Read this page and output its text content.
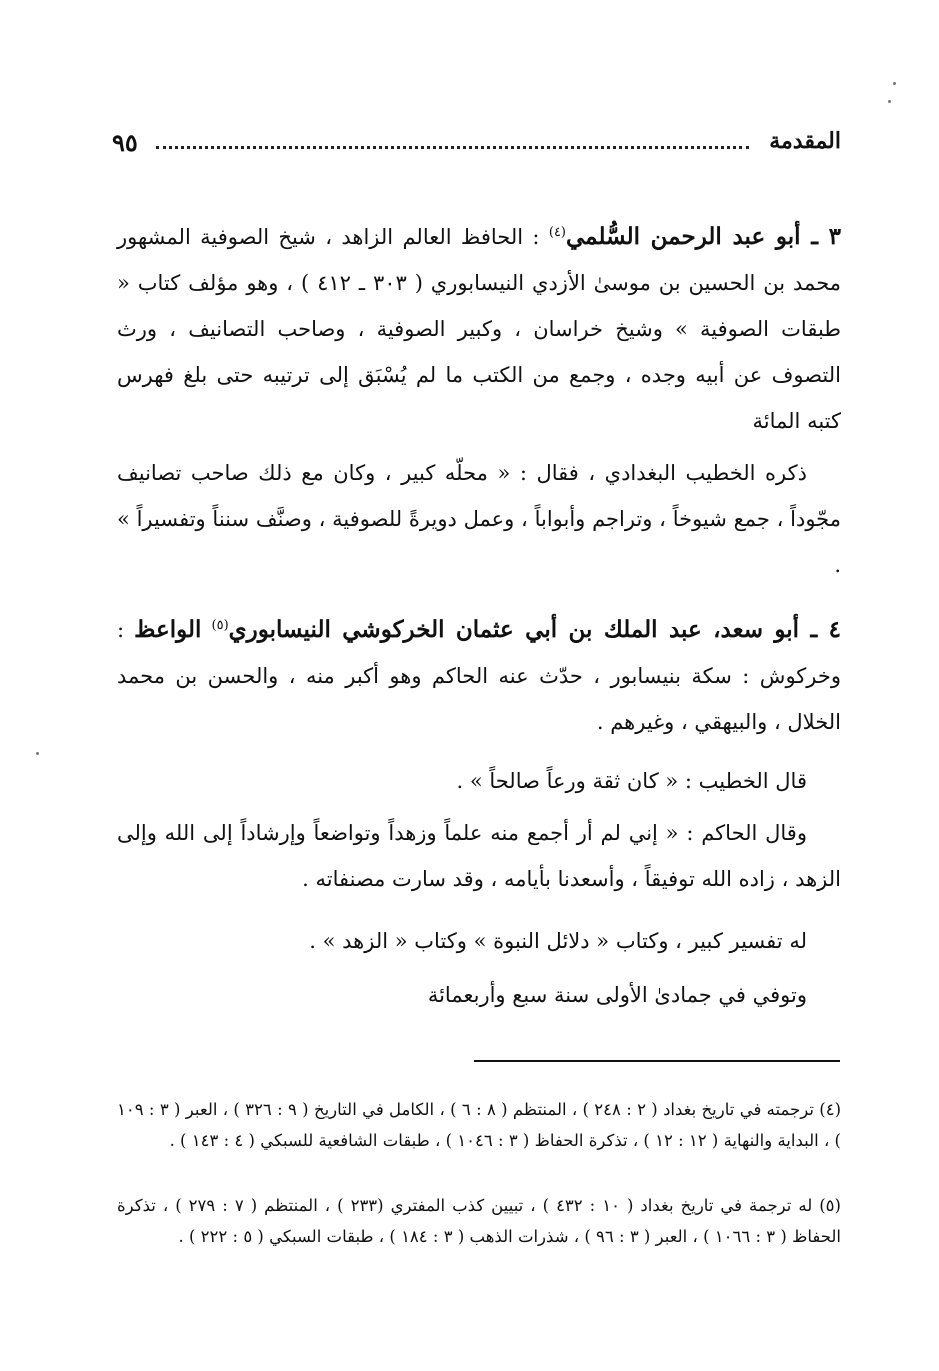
المقدمة
٩٥
٣ ـ أبو عبد الرحمن السُّلمي$^{(٤)}$ : الحافظ العالم الزاهد ، شيخ الصوفية المشهور محمد بن الحسين بن موسىٰ الأزدي النيسابوري ( ٣٠٣ ـ ٤١٢ ) ، وهو مؤلف كتاب « طبقات الصوفية » وشيخ خراسان ، وكبير الصوفية ، وصاحب التصانيف ، ورث التصوف عن أبيه وجده ، وجمع من الكتب ما لم يُسْبَق إلى ترتيبه حتى بلغ فهرس كتبه المائة
ذكره الخطيب البغدادي ، فقال : « محلّه كبير ، وكان مع ذلك صاحب تصانيف مجّوداً ، جمع شيوخاً ، وتراجم وأبواباً ، وعمل دويرةً للصوفية ، وصنَّف سنناً وتفسيراً » .
٤ ـ أبو سعد، عبد الملك بن أبي عثمان الخركوشي النيسابوري$^{(٥)}$ الواعظ : وخركوش : سكة بنيسابور ، حدّث عنه الحاكم وهو أكبر منه ، والحسن بن محمد الخلال ، والبيهقي ، وغيرهم .
قال الخطيب : « كان ثقة ورعاً صالحاً » .
وقال الحاكم : « إني لم أر أجمع منه علماً وزهداً وتواضعاً وإرشاداً إلى الله وإلى الزهد ، زاده الله توفيقاً ، وأسعدنا بأيامه ، وقد سارت مصنفاته .
له تفسير كبير ، وكتاب « دلائل النبوة » وكتاب « الزهد » .
وتوفي في جمادىٰ الأولى سنة سبع وأربعمائة
(٤) ترجمته في تاريخ بغداد ( ٢ : ٢٤٨ ) ، المنتظم ( ٨ : ٦ ) ، الكامل في التاريخ ( ٩ : ٣٢٦ ) ، العبر ( ٣ : ١٠٩ ) ، البداية والنهاية ( ١٢ : ١٢ ) ، تذكرة الحفاظ ( ٣ : ١٠٤٦ ) ، طبقات الشافعية للسبكي ( ٤ : ١٤٣ ) .
(٥) له ترجمة في تاريخ بغداد ( ١٠ : ٤٣٢ ) ، تبيين كذب المفتري (٢٣٣ ) ، المنتظم ( ٧ : ٢٧٩ ) ، تذكرة الحفاظ ( ٣ : ١٠٦٦ ) ، العبر ( ٣ : ٩٦ ) ، شذرات الذهب ( ٣ : ١٨٤ ) ، طبقات السبكي ( ٥ : ٢٢٢ ) .
